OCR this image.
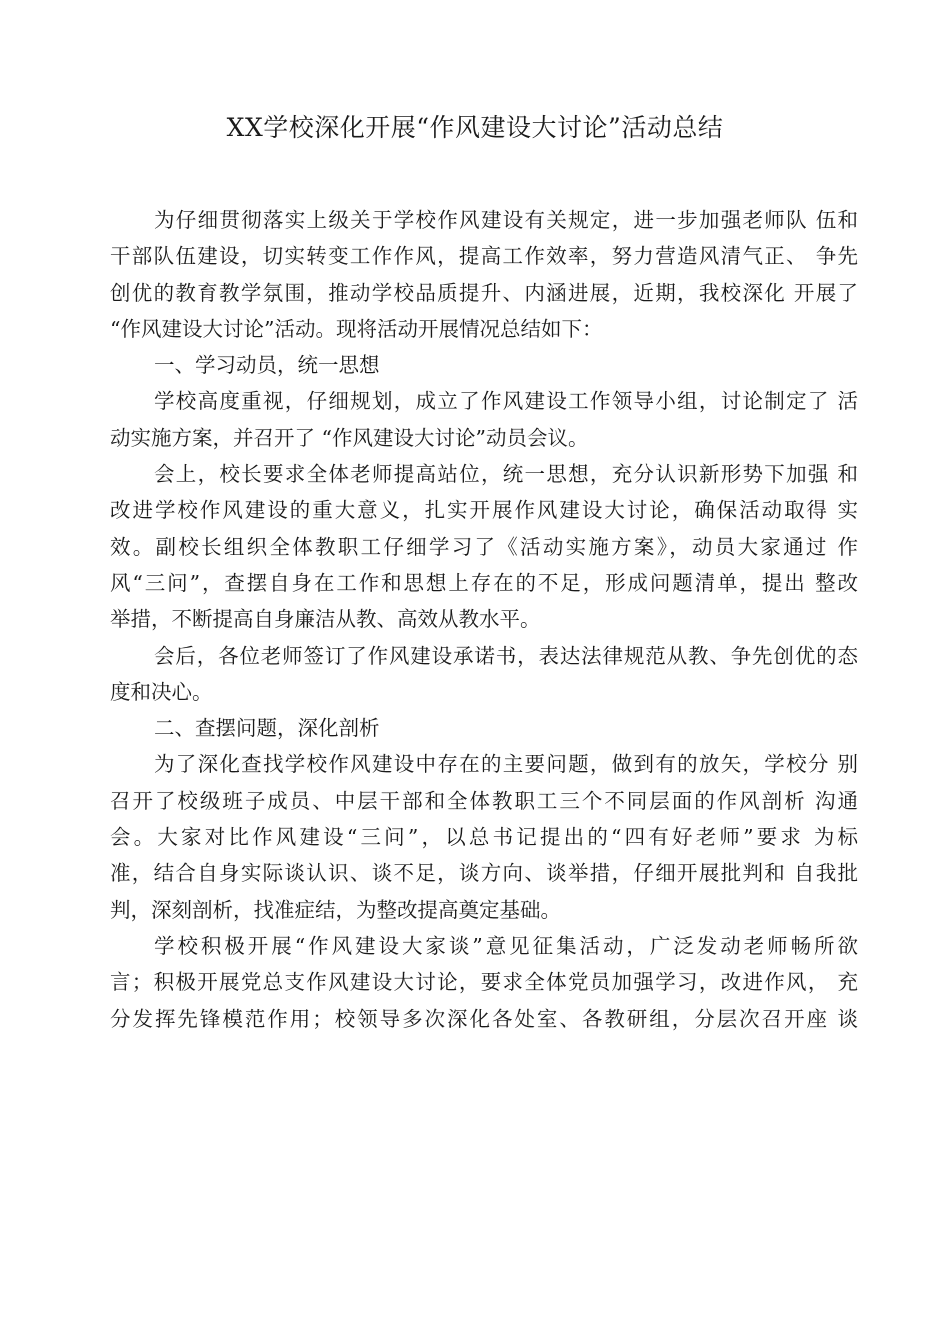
XX学校深化开展“作风建设大讨论”活动总结
为仔细贯彻落实上级关于学校作风建设有关规定，进一步加强老师队 伍和
干部队伍建设，切实转变工作作风，提高工作效率，努力营造风清气正、 争先
创优的教育教学氛围，推动学校品质提升、内涵进展，近期，我校深化 开展了
“作风建设大讨论”活动。现将活动开展情况总结如下：
一、学习动员，统一思想
学校高度重视，仔细规划，成立了作风建设工作领导小组，讨论制定了 活
动实施方案，并召开了 “作风建设大讨论”动员会议。
会上，校长要求全体老师提高站位，统一思想，充分认识新形势下加强 和
改进学校作风建设的重大意义，扎实开展作风建设大讨论，确保活动取得 实
效。副校长组织全体教职工仔细学习了《活动实施方案》，动员大家通过 作
风“三问”，查摆自身在工作和思想上存在的不足，形成问题清单，提出 整改
举措，不断提高自身廉洁从教、高效从教水平。
会后，各位老师签订了作风建设承诺书，表达法律规范从教、争先创优的态
度和决心。
二、查摆问题，深化剖析
为了深化查找学校作风建设中存在的主要问题，做到有的放矢，学校分 别
召开了校级班子成员、中层干部和全体教职工三个不同层面的作风剖析 沟通
会。大家对比作风建设“三问”，以总书记提出的“四有好老师”要求 为标
准，结合自身实际谈认识、谈不足，谈方向、谈举措，仔细开展批判和 自我批
判，深刻剖析，找准症结，为整改提高奠定基础。
学校积极开展“作风建设大家谈”意见征集活动，广泛发动老师畅所欲
言；积极开展党总支作风建设大讨论，要求全体党员加强学习，改进作风， 充
分发挥先锋模范作用；校领导多次深化各处室、各教研组，分层次召开座 谈
